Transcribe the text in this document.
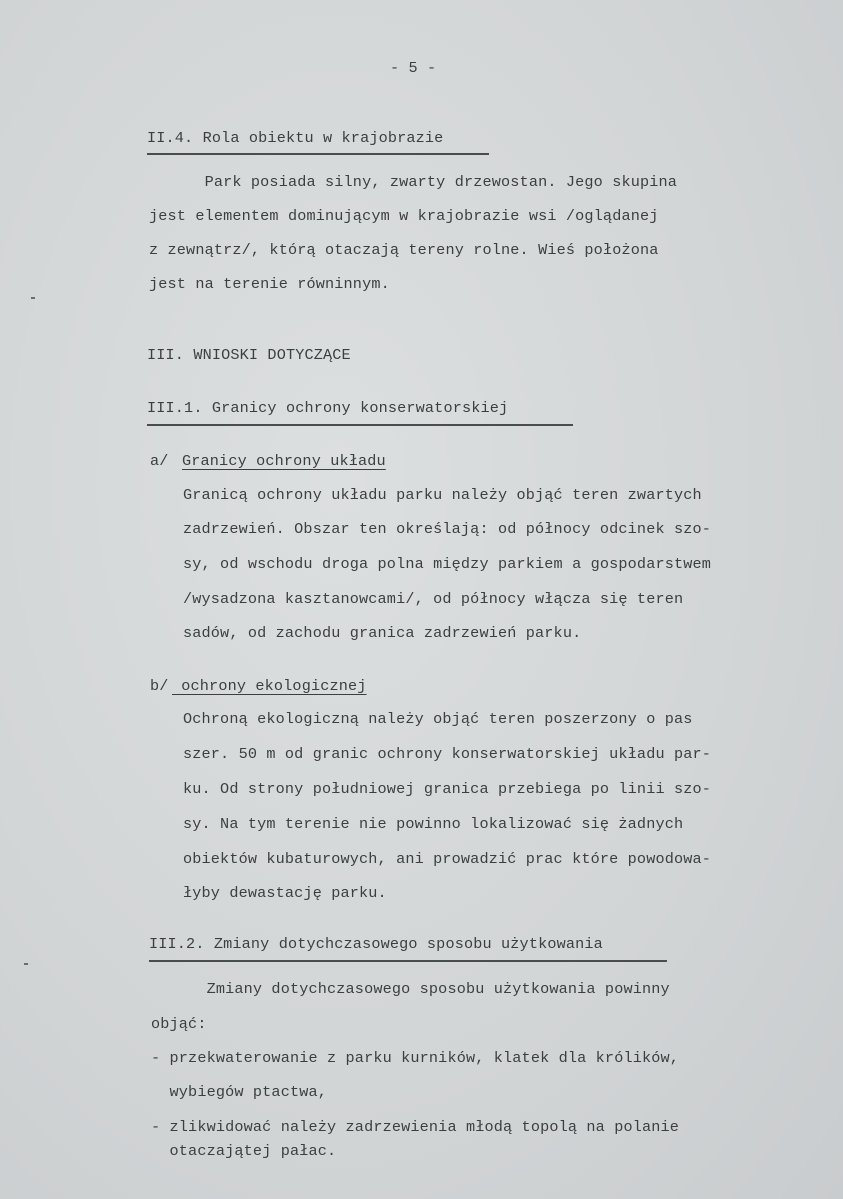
- 5 -
II.4. Rola obiektu w krajobrazie
Park posiada silny, zwarty drzewostan. Jego skupina
jest elementem dominującym w krajobrazie wsi /oglądanej
z zewnątrz/, którą otaczają tereny rolne. Wieś położona
jest na terenie równinnym.
III. WNIOSKI DOTYCZĄCE
III.1. Granicy ochrony konserwatorskiej
a/ Granicy ochrony układu
Granicą ochrony układu parku należy objąć teren zwartych
zadrzewień. Obszar ten określają: od północy odcinek szo-
sy, od wschodu droga polna między parkiem a gospodarstwem
/wysadzona kasztanowcami/, od północy włącza się teren
sadów, od zachodu granica zadrzewień parku.
b/ ochrony ekologicznej
Ochroną ekologiczną należy objąć teren poszerzony o pas
szer. 50 m od granic ochrony konserwatorskiej układu par-
ku. Od strony południowej granica przebiega po linii szo-
sy. Na tym terenie nie powinno lokalizować się żadnych
obiektów kubaturowych, ani prowadzić prac które powodowa-
łyby dewastację parku.
III.2. Zmiany dotychczasowego sposobu użytkowania
Zmiany dotychczasowego sposobu użytkowania powinny
objąć:
- przekwaterowanie z parku kurników, klatek dla królików,
wybiegów ptactwa,
- zlikwidować należy zadrzewienia młodą topolą na polanie
otaczajątej pałac.
